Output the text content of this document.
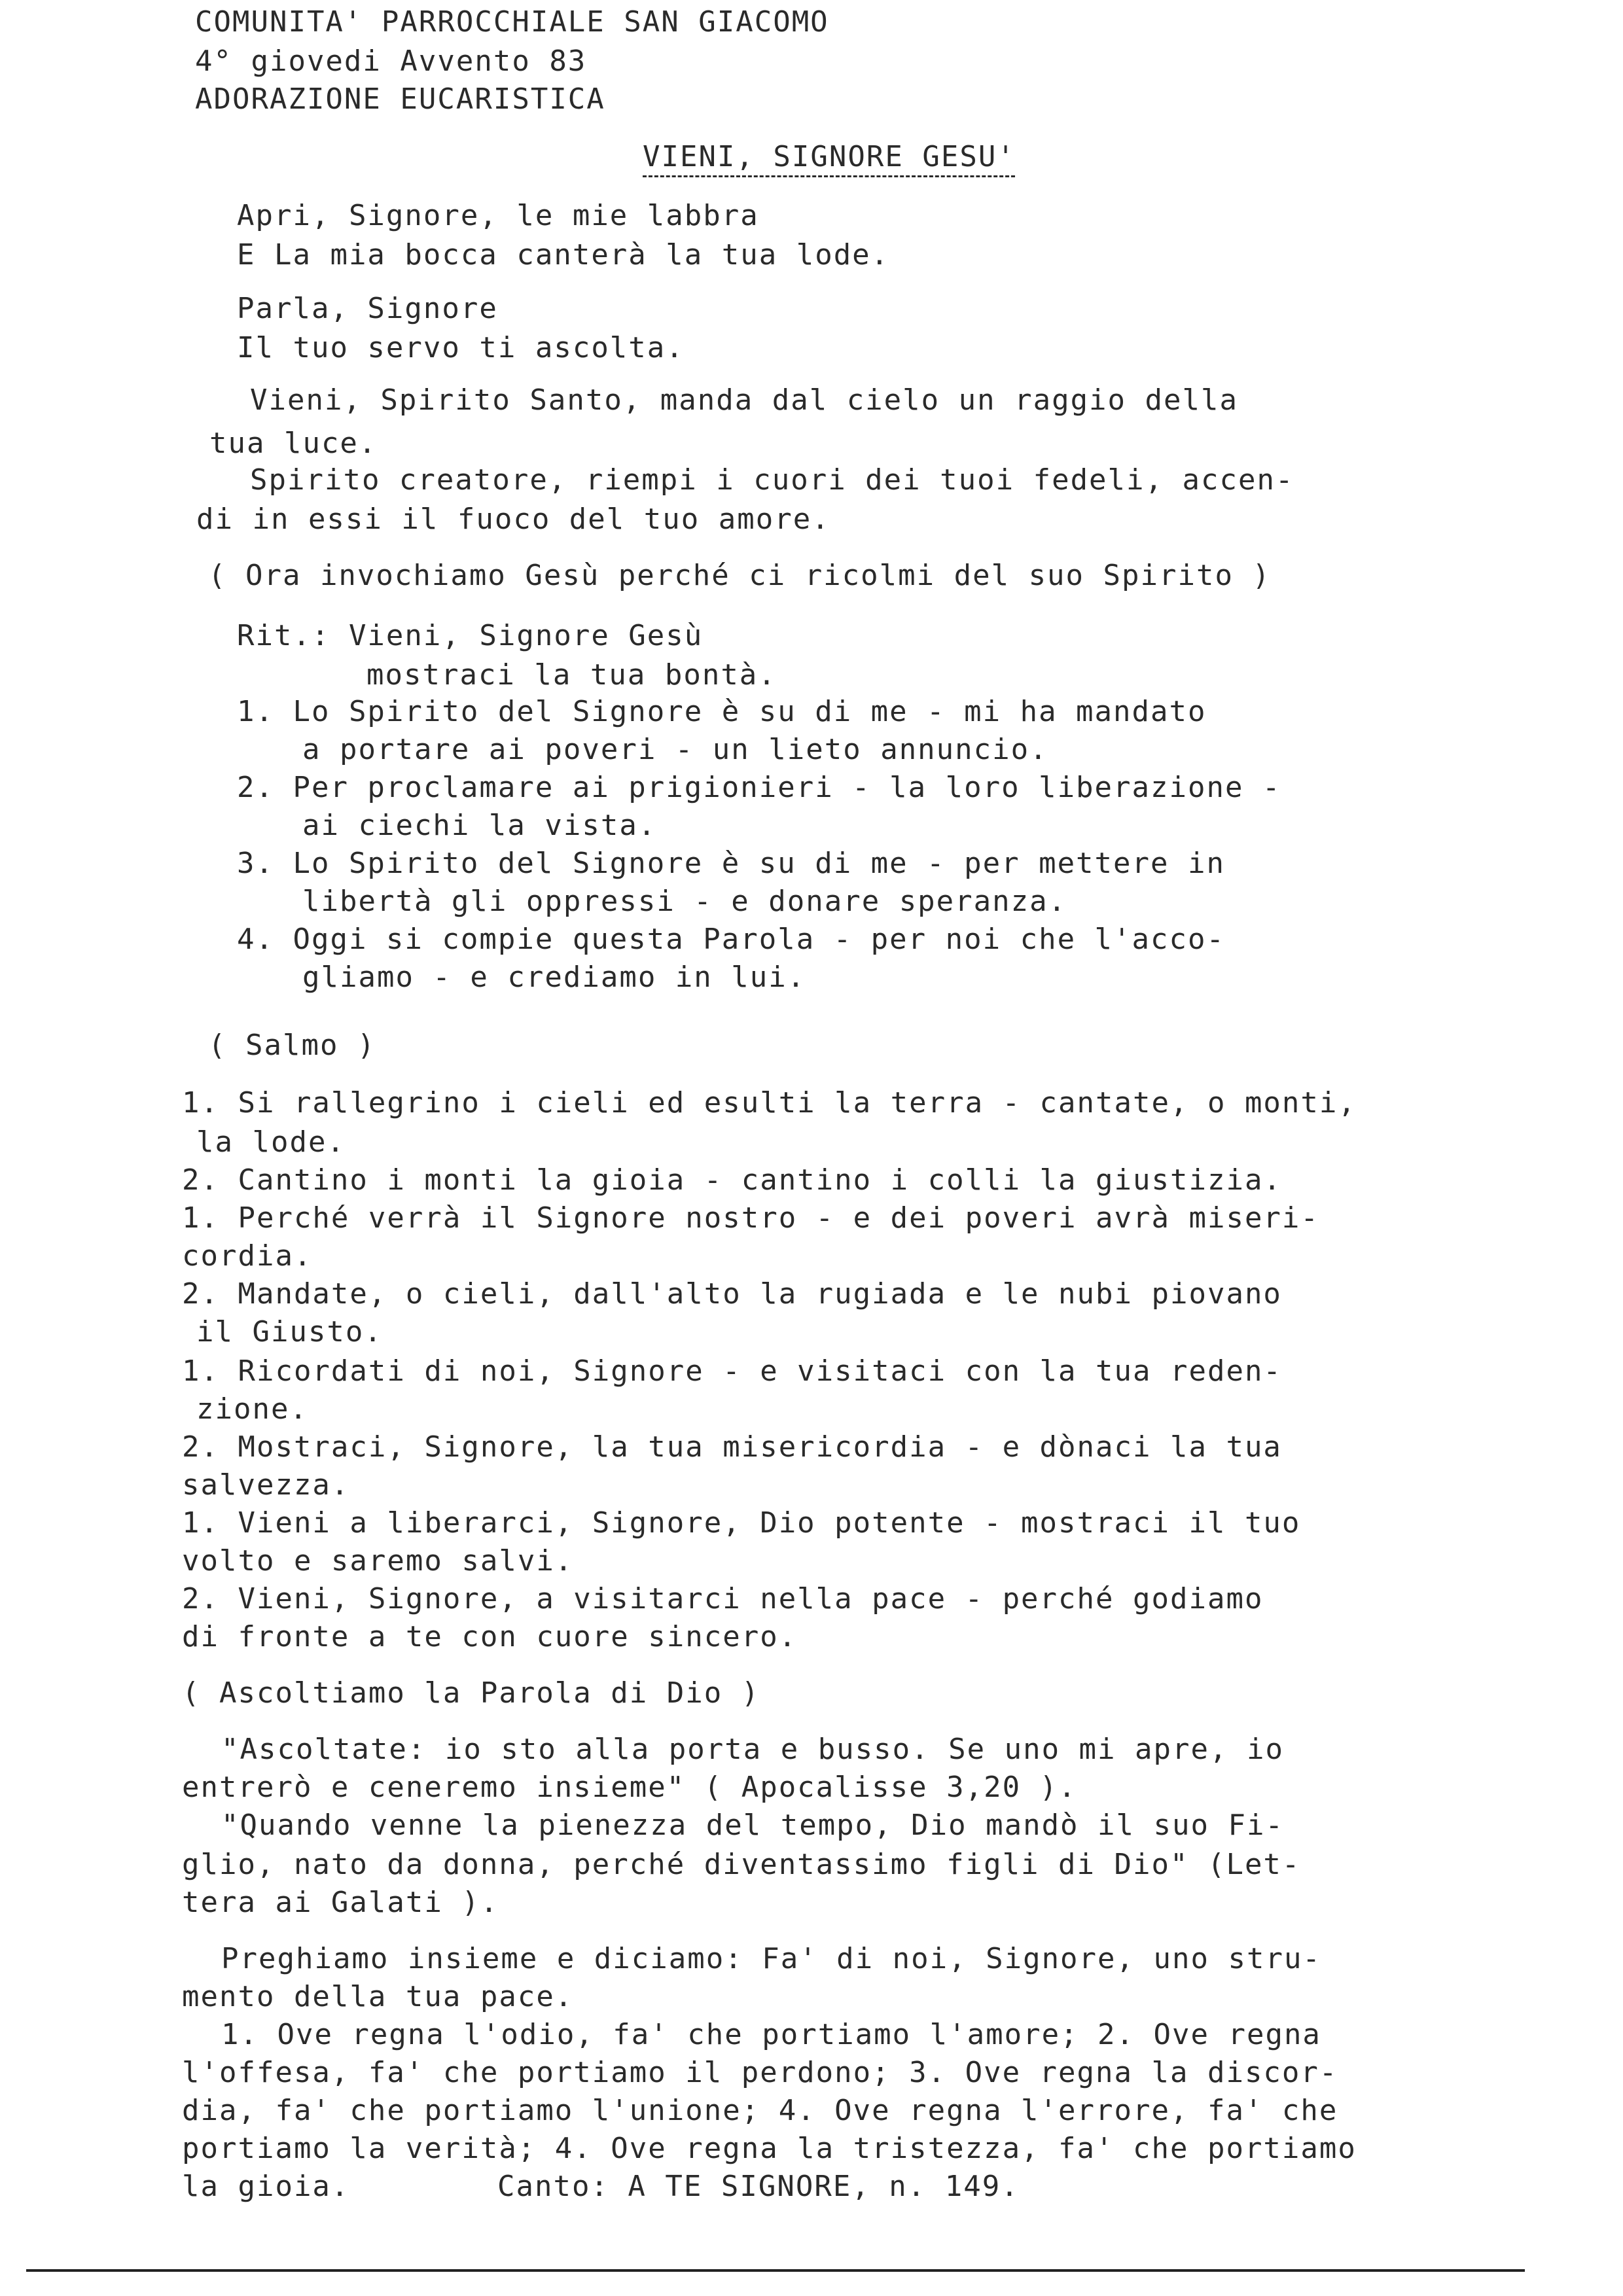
COMUNITA' PARROCCHIALE SAN GIACOMO
4° giovedi Avvento 83
ADORAZIONE EUCARISTICA
VIENI, SIGNORE GESU'
Apri, Signore, le mie labbra
E La mia bocca canterà la tua lode.
Parla, Signore
Il tuo servo ti ascolta.
Vieni, Spirito Santo, manda dal cielo un raggio della
tua luce.
Spirito creatore, riempi i cuori dei tuoi fedeli, accen-
di in essi il fuoco del tuo amore.
( Ora invochiamo Gesù perché ci ricolmi del suo Spirito )
Rit.: Vieni, Signore Gesù
mostraci la tua bontà.
1. Lo Spirito del Signore è su di me - mi ha mandato
a portare ai poveri - un lieto annuncio.
2. Per proclamare ai prigionieri - la loro liberazione -
ai ciechi la vista.
3. Lo Spirito del Signore è su di me - per mettere in
libertà gli oppressi - e donare speranza.
4. Oggi si compie questa Parola - per noi che l'acco-
gliamo - e crediamo in lui.
( Salmo )
1. Si rallegrino i cieli ed esulti la terra - cantate, o monti,
la lode.
2. Cantino i monti la gioia - cantino i colli la giustizia.
1. Perché verrà il Signore nostro - e dei poveri avrà miseri-
cordia.
2. Mandate, o cieli, dall'alto la rugiada e le nubi piovano
il Giusto.
1. Ricordati di noi, Signore - e visitaci con la tua reden-
zione.
2. Mostraci, Signore, la tua misericordia - e dònaci la tua
salvezza.
1. Vieni a liberarci, Signore, Dio potente - mostraci il tuo
volto e saremo salvi.
2. Vieni, Signore, a visitarci nella pace - perché godiamo
di fronte a te con cuore sincero.
( Ascoltiamo la Parola di Dio )
"Ascoltate: io sto alla porta e busso. Se uno mi apre, io
entrerò e ceneremo insieme" ( Apocalisse 3,20 ).
"Quando venne la pienezza del tempo, Dio mandò il suo Fi-
glio, nato da donna, perché diventassimo figli di Dio" (Let-
tera ai Galati ).
Preghiamo insieme e diciamo: Fa' di noi, Signore, uno stru-
mento della tua pace.
1. Ove regna l'odio, fa' che portiamo l'amore; 2. Ove regna
l'offesa, fa' che portiamo il perdono; 3. Ove regna la discor-
dia, fa' che portiamo l'unione; 4. Ove regna l'errore, fa' che
portiamo la verità; 4. Ove regna la tristezza, fa' che portiamo
la gioia.	Canto: A TE SIGNORE, n. 149.
